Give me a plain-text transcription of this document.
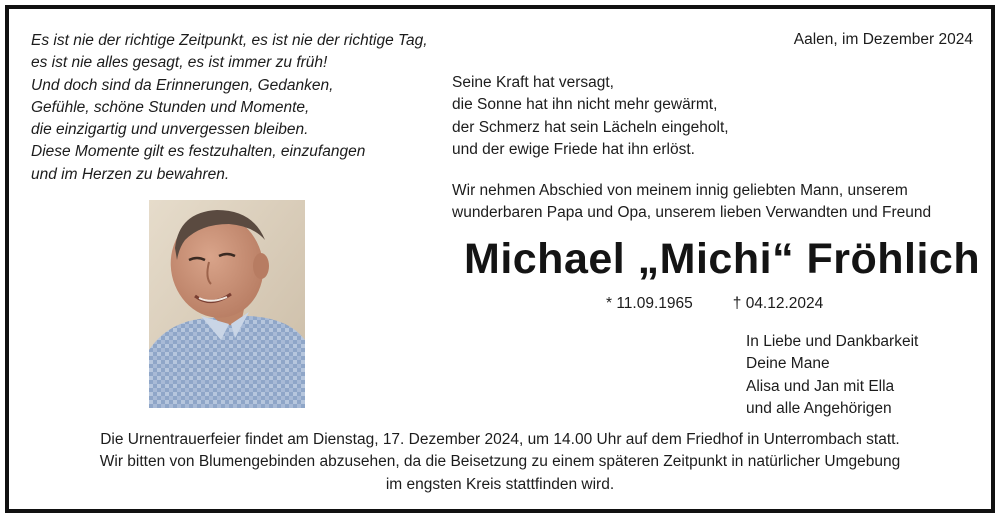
Es ist nie der richtige Zeitpunkt, es ist nie der richtige Tag,
es ist nie alles gesagt, es ist immer zu früh!
Und doch sind da Erinnerungen, Gedanken,
Gefühle, schöne Stunden und Momente,
die einzigartig und unvergessen bleiben.
Diese Momente gilt es festzuhalten, einzufangen
und im Herzen zu bewahren.
Aalen, im Dezember 2024
Seine Kraft hat versagt,
die Sonne hat ihn nicht mehr gewärmt,
der Schmerz hat sein Lächeln eingeholt,
und der ewige Friede hat ihn erlöst.
Wir nehmen Abschied von meinem innig geliebten Mann, unserem
wunderbaren Papa und Opa, unserem lieben Verwandten und Freund
Michael „Michi“ Fröhlich
* 11.09.1965	† 04.12.2024
In Liebe und Dankbarkeit
Deine Mane
Alisa und Jan mit Ella
und alle Angehörigen
Die Urnentrauerfeier findet am Dienstag, 17. Dezember 2024, um 14.00 Uhr auf dem Friedhof in Unterrombach statt.
Wir bitten von Blumengebinden abzusehen, da die Beisetzung zu einem späteren Zeitpunkt in natürlicher Umgebung
im engsten Kreis stattfinden wird.
